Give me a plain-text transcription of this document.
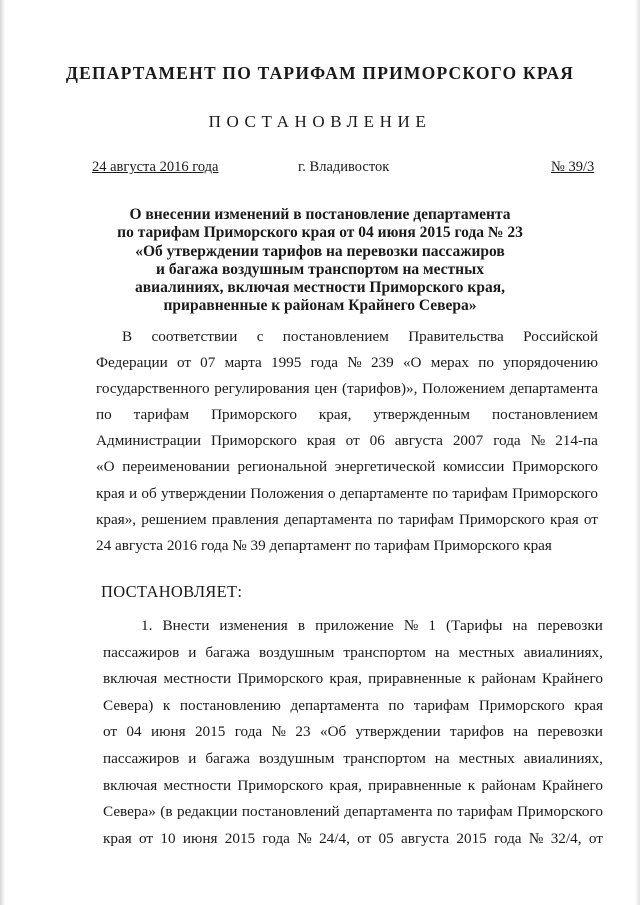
ДЕПАРТАМЕНТ ПО ТАРИФАМ ПРИМОРСКОГО КРАЯ
ПОСТАНОВЛЕНИЕ
24 августа 2016 года	г. Владивосток	№ 39/3
О внесении изменений в постановление департамента
по тарифам Приморского края от 04 июня 2015 года № 23
«Об утверждении тарифов на перевозки пассажиров
и багажа воздушным транспортом на местных
авиалиниях, включая местности Приморского края,
приравненные к районам Крайнего Севера»
В соответствии с постановлением Правительства Российской
Федерации от 07 марта 1995 года № 239 «О мерах по упорядочению
государственного регулирования цен (тарифов)», Положением департамента
по тарифам Приморского края, утвержденным постановлением
Администрации Приморского края от 06 августа 2007 года № 214-па
«О переименовании региональной энергетической комиссии Приморского
края и об утверждении Положения о департаменте по тарифам Приморского
края», решением правления департамента по тарифам Приморского края от
24 августа 2016 года № 39 департамент по тарифам Приморского края
ПОСТАНОВЛЯЕТ:
1. Внести изменения в приложение № 1 (Тарифы на перевозки
пассажиров и багажа воздушным транспортом на местных авиалиниях,
включая местности Приморского края, приравненные к районам Крайнего
Севера) к постановлению департамента по тарифам Приморского края
от 04 июня 2015 года № 23 «Об утверждении тарифов на перевозки
пассажиров и багажа воздушным транспортом на местных авиалиниях,
включая местности Приморского края, приравненные к районам Крайнего
Севера» (в редакции постановлений департамента по тарифам Приморского
края от 10 июня 2015 года № 24/4, от 05 августа 2015 года № 32/4, от
